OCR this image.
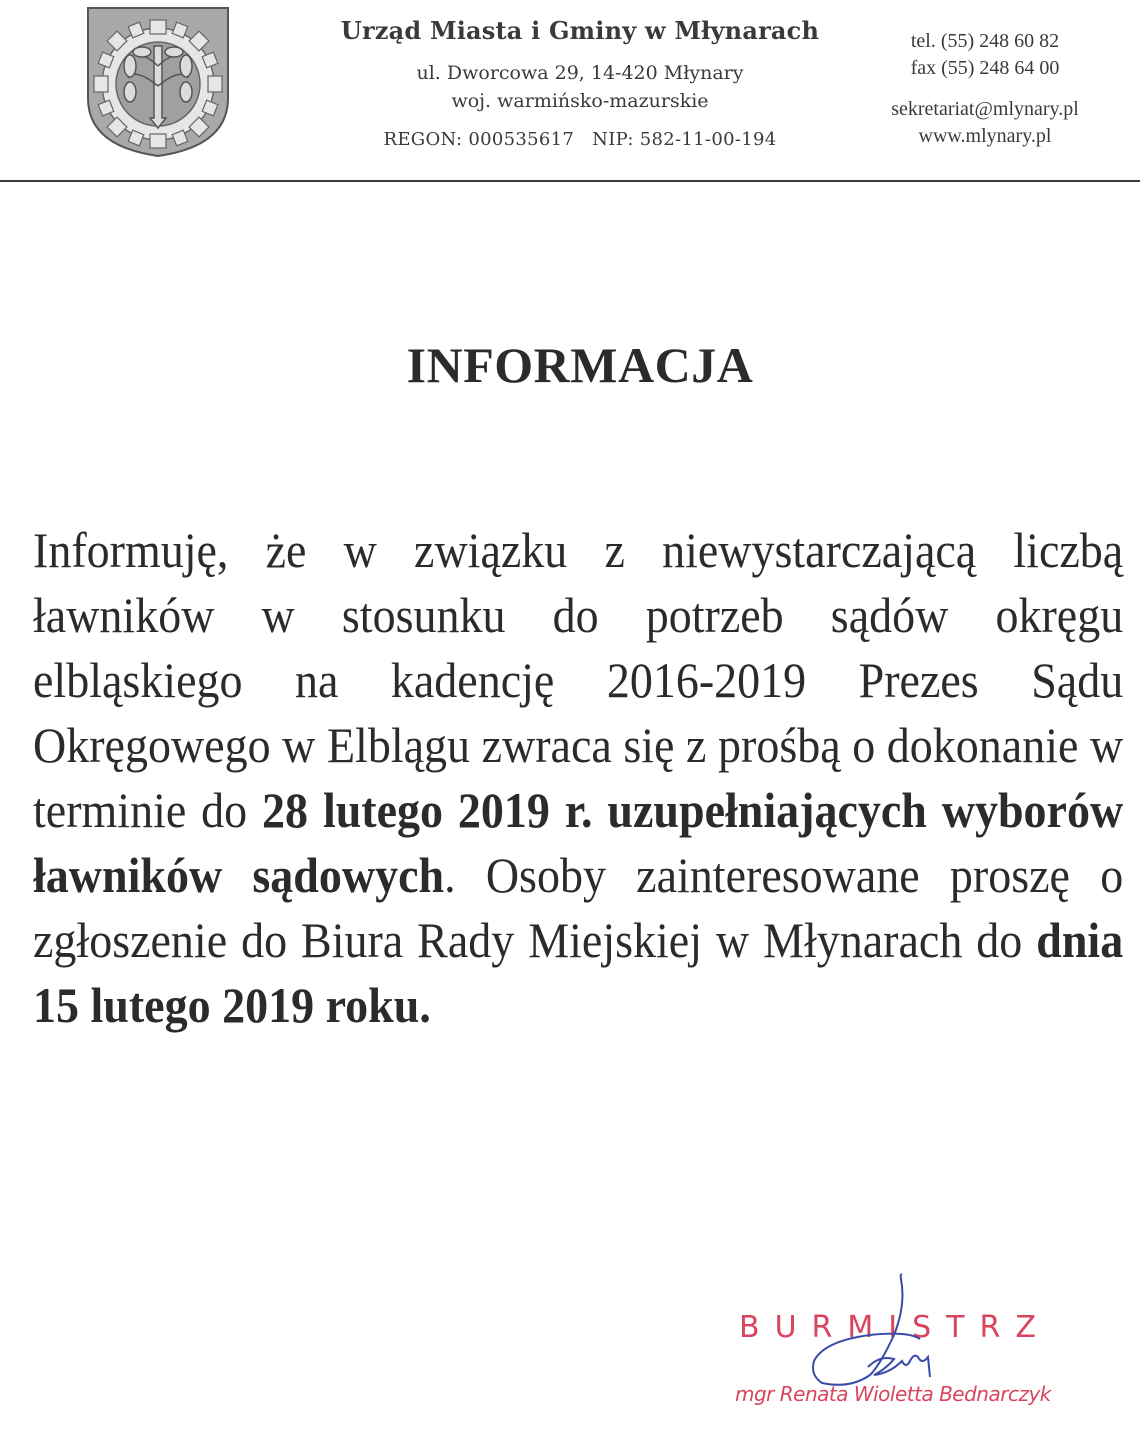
Urząd Miasta i Gminy w Młynarach
ul. Dworcowa 29, 14-420 Młynary
woj. warmińsko-mazurskie
REGON: 000535617   NIP: 582-11-00-194
tel. (55) 248 60 82
fax (55) 248 64 00
sekretariat@mlynary.pl
www.mlynary.pl
INFORMACJA
Informuję, że w związku z niewystarczającą liczbą ławników w stosunku do potrzeb sądów okręgu elbląskiego na kadencję 2016-2019 Prezes Sądu Okręgowego w Elblągu zwraca się z prośbą o dokonanie w terminie do 28 lutego 2019 r. uzupełniających wyborów ławników sądowych. Osoby zainteresowane proszę o zgłoszenie do Biura Rady Miejskiej w Młynarach do dnia 15 lutego 2019 roku.
BURMISTRZ
mgr Renata Wioletta Bednarczyk
